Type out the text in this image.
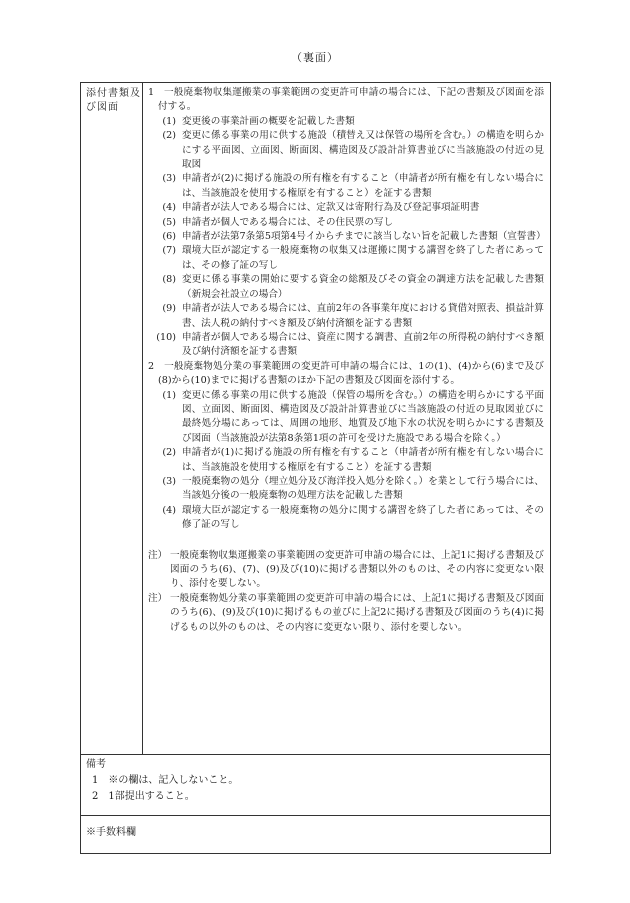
（裏面）
添付書類及び図面	

1　一般廃棄物収集運搬業の事業範囲の変更許可申請の場合には、下記の書類及び図面を添付する。

(1) 変更後の事業計画の概要を記載した書類
(2) 変更に係る事業の用に供する施設（積替え又は保管の場所を含む。）の構造を明らかにする平面図、立面図、断面図、構造図及び設計計算書並びに当該施設の付近の見取図
(3) 申請者が(2)に掲げる施設の所有権を有すること（申請者が所有権を有しない場合には、当該施設を使用する権原を有すること）を証する書類
(4) 申請者が法人である場合には、定款又は寄附行為及び登記事項証明書
(5) 申請者が個人である場合には、その住民票の写し
(6) 申請者が法第7条第5項第4号イからチまでに該当しない旨を記載した書類（宣誓書）
(7) 環境大臣が認定する一般廃棄物の収集又は運搬に関する講習を終了した者にあっては、その修了証の写し
(8) 変更に係る事業の開始に要する資金の総額及びその資金の調達方法を記載した書類（新規会社設立の場合）
(9) 申請者が法人である場合には、直前2年の各事業年度における貸借対照表、損益計算書、法人税の納付すべき額及び納付済額を証する書類
(10) 申請者が個人である場合には、資産に関する調書、直前2年の所得税の納付すべき額及び納付済額を証する書類

2　一般廃棄物処分業の事業範囲の変更許可申請の場合には、1の(1)、(4)から(6)まで及び(8)から(10)までに掲げる書類のほか下記の書類及び図面を添付する。

(1) 変更に係る事業の用に供する施設（保管の場所を含む。）の構造を明らかにする平面図、立面図、断面図、構造図及び設計計算書並びに当該施設の付近の見取図並びに最終処分場にあっては、周囲の地形、地質及び地下水の状況を明らかにする書類及び図面（当該施設が法第8条第1項の許可を受けた施設である場合を除く。）
(2) 申請者が(1)に掲げる施設の所有権を有すること（申請者が所有権を有しない場合には、当該施設を使用する権原を有すること）を証する書類
(3) 一般廃棄物の処分（埋立処分及び海洋投入処分を除く。）を業として行う場合には、当該処分後の一般廃棄物の処理方法を記載した書類
(4) 環境大臣が認定する一般廃棄物の処分に関する講習を終了した者にあっては、その修了証の写し
注） 一般廃棄物収集運搬業の事業範囲の変更許可申請の場合には、上記1に掲げる書類及び図面のうち(6)、(7)、(9)及び(10)に掲げる書類以外のものは、その内容に変更ない限り、添付を要しない。
注） 一般廃棄物処分業の事業範囲の変更許可申請の場合には、上記1に掲げる書類及び図面のうち(6)、(9)及び(10)に掲げるもの並びに上記2に掲げる書類及び図面のうち(4)に掲げるもの以外のものは、その内容に変更ない限り、添付を要しない。

備考
1　※の欄は、記入しないこと。
2　1部提出すること。

※手数料欄
